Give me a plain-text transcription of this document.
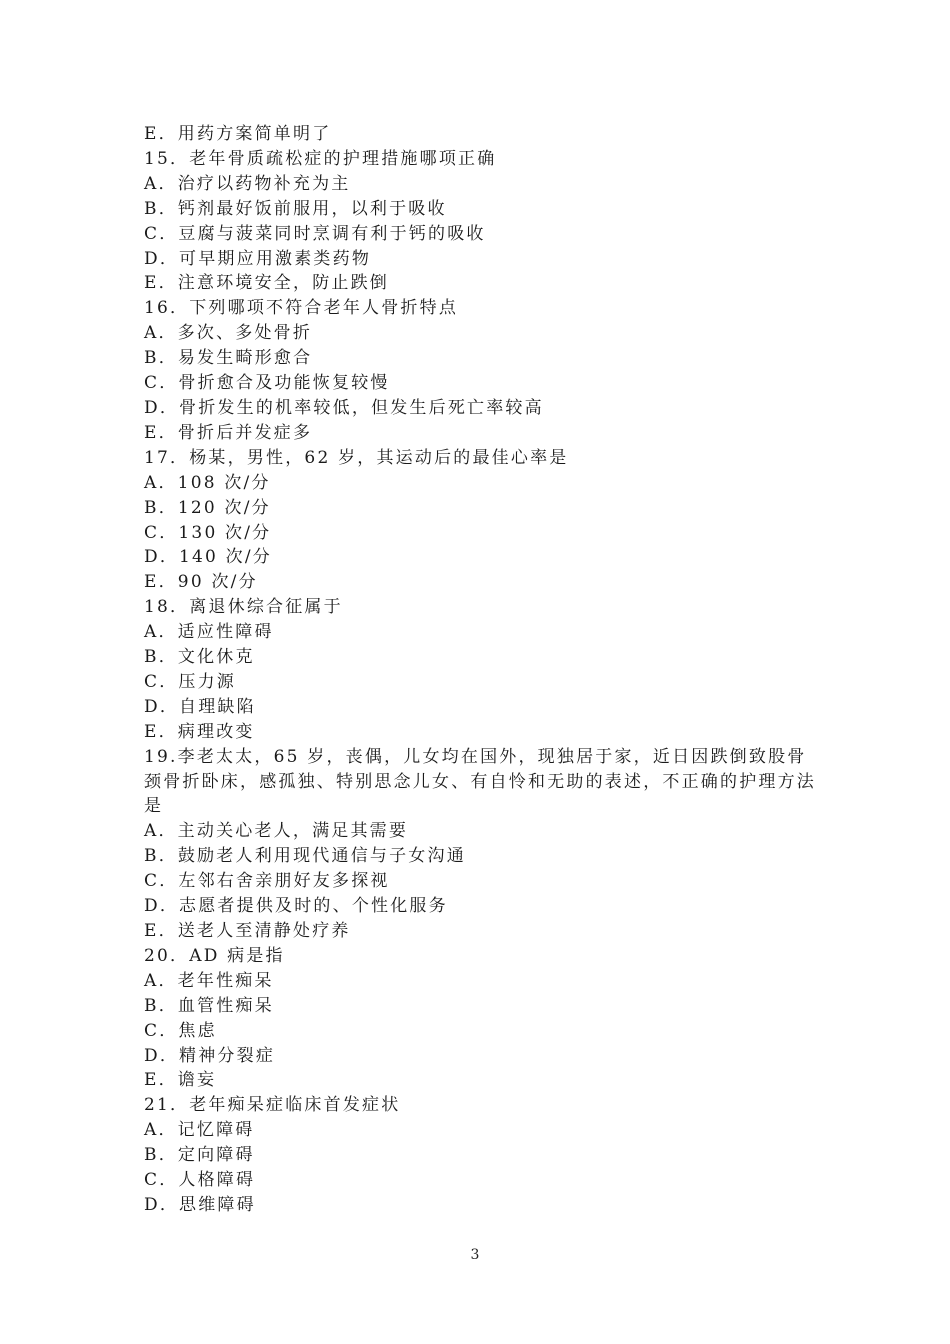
E．用药方案简单明了
15．老年骨质疏松症的护理措施哪项正确
A．治疗以药物补充为主
B．钙剂最好饭前服用，以利于吸收
C．豆腐与菠菜同时烹调有利于钙的吸收
D．可早期应用激素类药物
E．注意环境安全，防止跌倒
16．下列哪项不符合老年人骨折特点
A．多次、多处骨折
B．易发生畸形愈合
C．骨折愈合及功能恢复较慢
D．骨折发生的机率较低，但发生后死亡率较高
E．骨折后并发症多
17．杨某，男性，62 岁，其运动后的最佳心率是
A．108 次/分
B．120 次/分
C．130 次/分
D．140 次/分
E．90 次/分
18．离退休综合征属于
A．适应性障碍
B．文化休克
C．压力源
D．自理缺陷
E．病理改变
19.李老太太，65 岁，丧偶，儿女均在国外，现独居于家，近日因跌倒致股骨颈骨折卧床，感孤独、特别思念儿女、有自怜和无助的表述，不正确的护理方法是
A．主动关心老人，满足其需要
B．鼓励老人利用现代通信与子女沟通
C．左邻右舍亲朋好友多探视
D．志愿者提供及时的、个性化服务
E．送老人至清静处疗养
20．AD 病是指
A．老年性痴呆
B．血管性痴呆
C．焦虑
D．精神分裂症
E．谵妄
21．老年痴呆症临床首发症状
A．记忆障碍
B．定向障碍
C．人格障碍
D．思维障碍
3
